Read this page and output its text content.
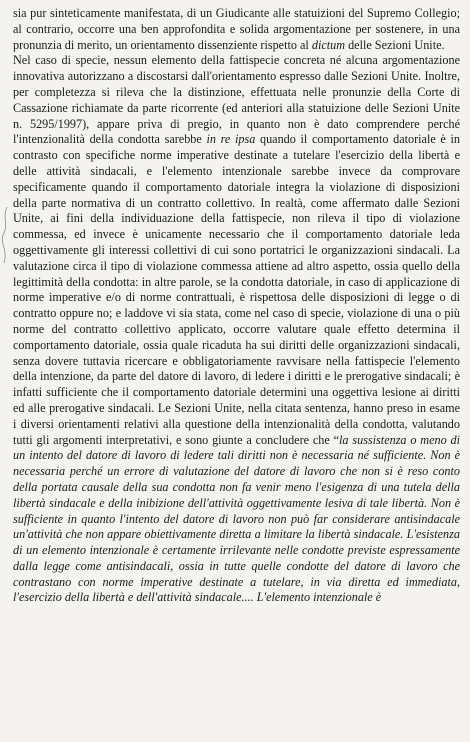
sia pur sinteticamente manifestata, di un Giudicante alle statuizioni del Supremo Collegio; al contrario, occorre una ben approfondita e solida argomentazione per sostenere, in una pronunzia di merito, un orientamento dissenziente rispetto al dictum delle Sezioni Unite.

Nel caso di specie, nessun elemento della fattispecie concreta né alcuna argomentazione innovativa autorizzano a discostarsi dall'orientamento espresso dalle Sezioni Unite. Inoltre, per completezza si rileva che la distinzione, effettuata nelle pronunzie della Corte di Cassazione richiamate da parte ricorrente (ed anteriori alla statuizione delle Sezioni Unite n. 5295/1997), appare priva di pregio, in quanto non è dato comprendere perché l'intenzionalità della condotta sarebbe in re ipsa quando il comportamento datoriale è in contrasto con specifiche norme imperative destinate a tutelare l'esercizio della libertà e delle attività sindacali, e l'elemento intenzionale sarebbe invece da comprovare specificamente quando il comportamento datoriale integra la violazione di disposizioni della parte normativa di un contratto collettivo. In realtà, come affermato dalle Sezioni Unite, ai fini della individuazione della fattispecie, non rileva il tipo di violazione commessa, ed invece è unicamente necessario che il comportamento datoriale leda oggettivamente gli interessi collettivi di cui sono portatrici le organizzazioni sindacali. La valutazione circa il tipo di violazione commessa attiene ad altro aspetto, ossia quello della legittimità della condotta: in altre parole, se la condotta datoriale, in caso di applicazione di norme imperative e/o di norme contrattuali, è rispettosa delle disposizioni di legge o di contratto oppure no; e laddove vi sia stata, come nel caso di specie, violazione di una o più norme del contratto collettivo applicato, occorre valutare quale effetto determina il comportamento datoriale, ossia quale ricaduta ha sui diritti delle organizzazioni sindacali, senza dovere tuttavia ricercare e obbligatoriamente ravvisare nella fattispecie l'elemento della intenzione, da parte del datore di lavoro, di ledere i diritti e le prerogative sindacali; è infatti sufficiente che il comportamento datoriale determini una oggettiva lesione ai diritti ed alle prerogative sindacali. Le Sezioni Unite, nella citata sentenza, hanno preso in esame i diversi orientamenti relativi alla questione della intenzionalità della condotta, valutando tutti gli argomenti interpretativi, e sono giunte a concludere che “la sussistenza o meno di un intento del datore di lavoro di ledere tali diritti non è necessaria né sufficiente. Non è necessaria perché un errore di valutazione del datore di lavoro che non si è reso conto della portata causale della sua condotta non fa venir meno l'esigenza di una tutela della libertà sindacale e della inibizione dell'attività oggettivamente lesiva di tale libertà. Non è sufficiente in quanto l'intento del datore di lavoro non può far considerare antisindacale un'attività che non appare obiettivamente diretta a limitare la libertà sindacale. L'esistenza di un elemento intenzionale è certamente irrilevante nelle condotte previste espressamente dalla legge come antisindacali, ossia in tutte quelle condotte del datore di lavoro che contrastano con norme imperative destinate a tutelare, in via diretta ed immediata, l'esercizio della libertà e dell'attività sindacale.... L'elemento intenzionale è
